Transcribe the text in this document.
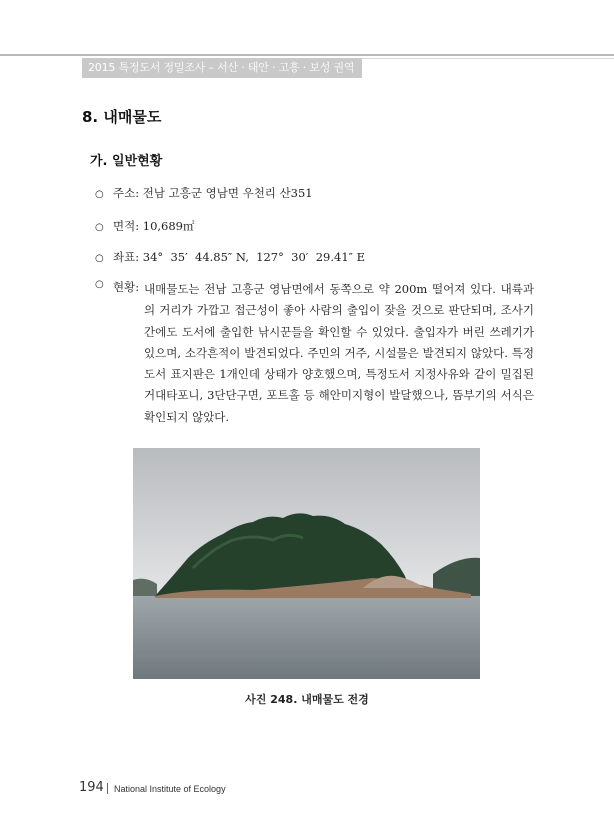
2015 특정도서 정밀조사 – 서산 · 태안 · 고흥 · 보성 권역
8. 내매물도
가. 일반현황
○ 주소: 전남 고흥군 영남면 우천리 산351
○ 면적: 10,689㎡
○ 좌표: 34°  35′  44.85″ N,  127°  30′  29.41″ E
○ 현황: 내매물도는 전남 고흥군 영남면에서 동쪽으로 약 200m 떨어져 있다. 내륙과의 거리가 가깝고 접근성이 좋아 사람의 출입이 잦을 것으로 판단되며, 조사기간에도 도서에 출입한 낚시꾼들을 확인할 수 있었다. 출입자가 버린 쓰레기가 있으며, 소각흔적이 발견되었다. 주민의 거주, 시설물은 발견되지 않았다. 특정도서 표지판은 1개인데 상태가 양호했으며, 특정도서 지정사유와 같이 밀집된 거대타포니, 3단단구면, 포트홀 등 해안미지형이 발달했으나, 뜸부기의 서식은 확인되지 않았다.
사진 248. 내매물도 전경
194 National Institute of Ecology
